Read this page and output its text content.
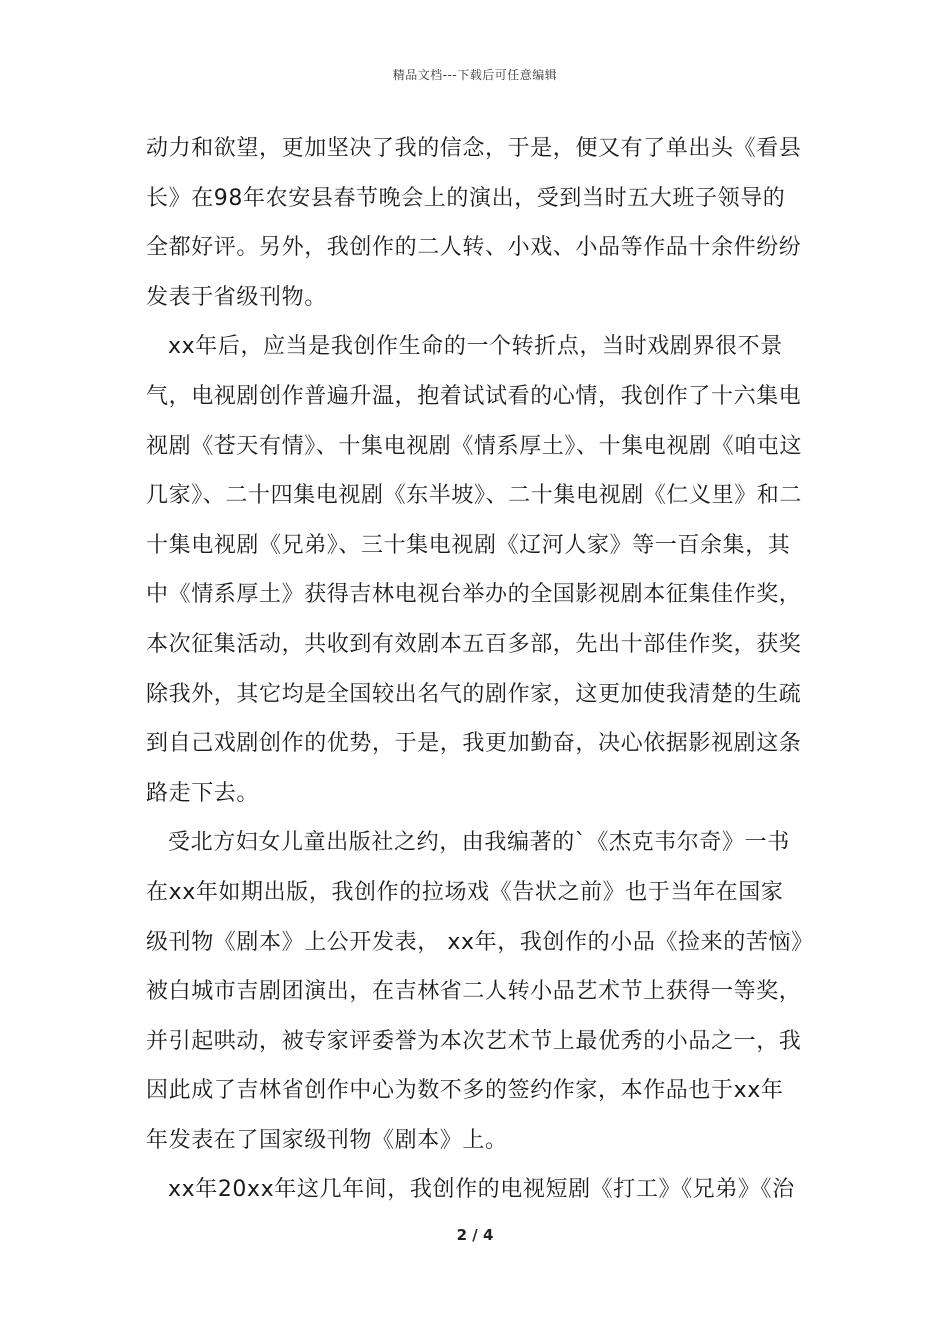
精品文档---下载后可任意编辑

动力和欲望，更加坚决了我的信念，于是，便又有了单出头《看县长》在98年农安县春节晚会上的演出，受到当时五大班子领导的全都好评。另外，我创作的二人转、小戏、小品等作品十余件纷纷发表于省级刊物。

xx年后，应当是我创作生命的一个转折点，当时戏剧界很不景气，电视剧创作普遍升温，抱着试试看的心情，我创作了十六集电视剧《苍天有情》、十集电视剧《情系厚土》、十集电视剧《咱屯这几家》、二十四集电视剧《东半坡》、二十集电视剧《仁义里》和二十集电视剧《兄弟》、三十集电视剧《辽河人家》等一百余集，其中《情系厚土》获得吉林电视台举办的全国影视剧本征集佳作奖，本次征集活动，共收到有效剧本五百多部，先出十部佳作奖，获奖除我外，其它均是全国较出名气的剧作家，这更加使我清楚的生疏到自己戏剧创作的优势，于是，我更加勤奋，决心依据影视剧这条路走下去。

受北方妇女儿童出版社之约，由我编著的`《杰克韦尔奇》一书在xx年如期出版，我创作的拉场戏《告状之前》也于当年在国家级刊物《剧本》上公开发表， xx年，我创作的小品《捡来的苦恼》被白城市吉剧团演出，在吉林省二人转小品艺术节上获得一等奖，并引起哄动，被专家评委誉为本次艺术节上最优秀的小品之一，我因此成了吉林省创作中心为数不多的签约作家，本作品也于xx年年发表在了国家级刊物《剧本》上。

xx年20xx年这几年间，我创作的电视短剧《打工》《兄弟》《治

2 / 4
